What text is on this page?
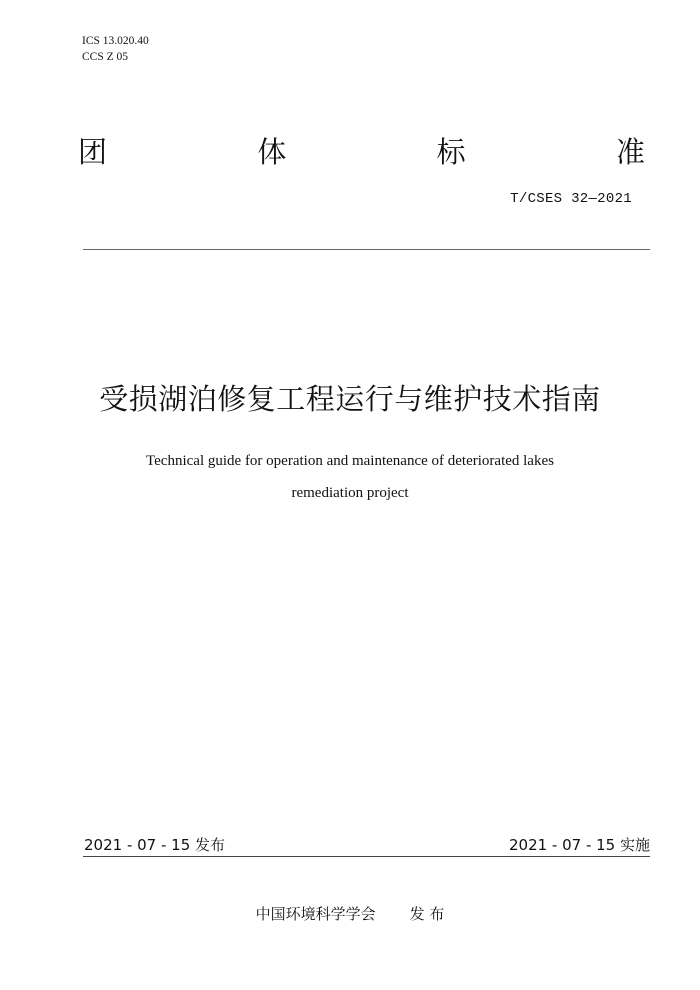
ICS 13.020.40
CCS Z 05
团	体	标	准
T/CSES 32—2021
受损湖泊修复工程运行与维护技术指南
Technical guide for operation and maintenance of deteriorated lakes
remediation project
2021 - 07 - 15 发布	2021 - 07 - 15 实施
中国环境科学学会 发 布
